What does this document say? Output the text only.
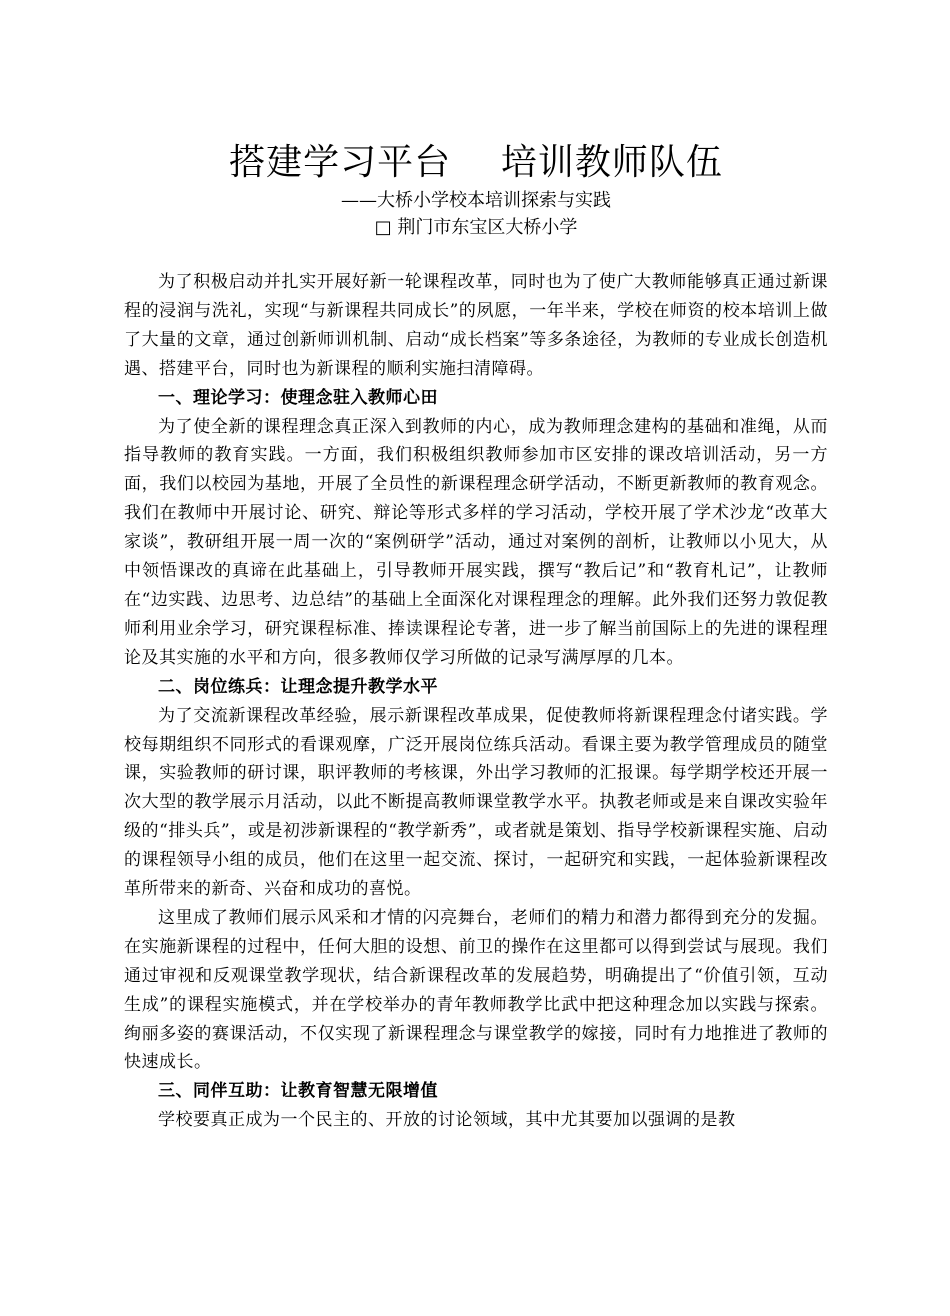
搭建学习平台    培训教师队伍
——大桥小学校本培训探索与实践
□ 荆门市东宝区大桥小学

为了积极启动并扎实开展好新一轮课程改革，同时也为了使广大教师能够真正通过新课程的浸润与洗礼，实现“与新课程共同成长”的夙愿，一年半来，学校在师资的校本培训上做了大量的文章，通过创新师训机制、启动“成长档案”等多条途径，为教师的专业成长创造机遇、搭建平台，同时也为新课程的顺利实施扫清障碍。

一、理论学习：使理念驻入教师心田

为了使全新的课程理念真正深入到教师的内心，成为教师理念建构的基础和准绳，从而指导教师的教育实践。一方面，我们积极组织教师参加市区安排的课改培训活动，另一方面，我们以校园为基地，开展了全员性的新课程理念研学活动，不断更新教师的教育观念。我们在教师中开展讨论、研究、辩论等形式多样的学习活动，学校开展了学术沙龙“改革大家谈”，教研组开展一周一次的“案例研学”活动，通过对案例的剖析，让教师以小见大，从中领悟课改的真谛在此基础上，引导教师开展实践，撰写“教后记”和“教育札记”，让教师在“边实践、边思考、边总结”的基础上全面深化对课程理念的理解。此外我们还努力敦促教师利用业余学习，研究课程标准、捧读课程论专著，进一步了解当前国际上的先进的课程理论及其实施的水平和方向，很多教师仅学习所做的记录写满厚厚的几本。

二、岗位练兵：让理念提升教学水平

为了交流新课程改革经验，展示新课程改革成果，促使教师将新课程理念付诸实践。学校每期组织不同形式的看课观摩，广泛开展岗位练兵活动。看课主要为教学管理成员的随堂课，实验教师的研讨课，职评教师的考核课，外出学习教师的汇报课。每学期学校还开展一次大型的教学展示月活动，以此不断提高教师课堂教学水平。执教老师或是来自课改实验年级的“排头兵”，或是初涉新课程的“教学新秀”，或者就是策划、指导学校新课程实施、启动的课程领导小组的成员，他们在这里一起交流、探讨，一起研究和实践，一起体验新课程改革所带来的新奇、兴奋和成功的喜悦。

这里成了教师们展示风采和才情的闪亮舞台，老师们的精力和潜力都得到充分的发掘。在实施新课程的过程中，任何大胆的设想、前卫的操作在这里都可以得到尝试与展现。我们通过审视和反观课堂教学现状，结合新课程改革的发展趋势，明确提出了“价值引领，互动生成”的课程实施模式，并在学校举办的青年教师教学比武中把这种理念加以实践与探索。绚丽多姿的赛课活动，不仅实现了新课程理念与课堂教学的嫁接，同时有力地推进了教师的快速成长。

三、同伴互助：让教育智慧无限增值

学校要真正成为一个民主的、开放的讨论领域，其中尤其要加以强调的是教
